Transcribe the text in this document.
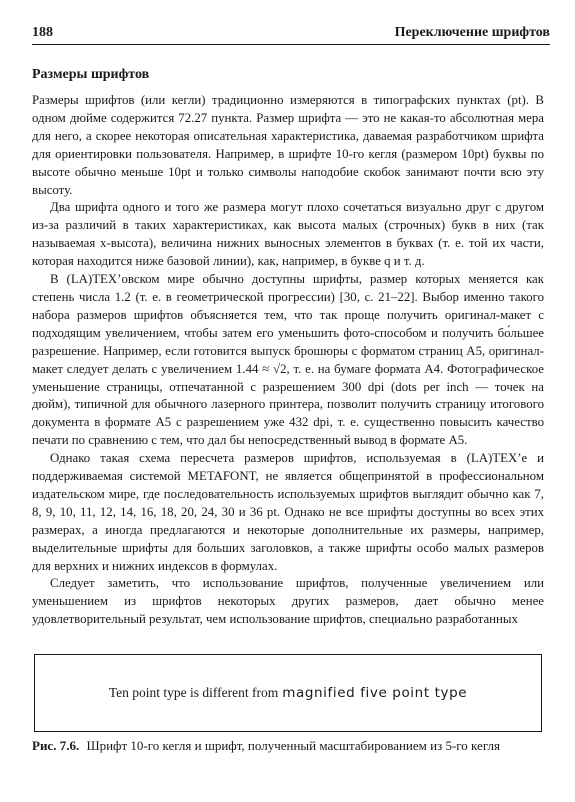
188	Переключение шрифтов
Размеры шрифтов

Размеры шрифтов (или кегли) традиционно измеряются в типографских пунктах (pt). В одном дюйме содержится 72.27 пункта. Размер шрифта — это не какая-то абсолютная мера для него, а скорее некоторая описательная характеристика, даваемая разработчиком шрифта для ориентировки пользователя. Например, в шрифте 10-го кегля (размером 10pt) буквы по высоте обычно меньше 10pt и только символы наподобие скобок занимают почти всю эту высоту.

Два шрифта одного и того же размера могут плохо сочетаться визуально друг с другом из-за различий в таких характеристиках, как высота малых (строчных) букв в них (так называемая x-высота), величина нижних выносных элементов в буквах (т. е. той их части, которая находится ниже базовой линии), как, например, в букве q и т. д.

В (LA)TEX’овском мире обычно доступны шрифты, размер которых меняется как степень числа 1.2 (т. е. в геометрической прогрессии) [30, с. 21–22]. Выбор именно такого набора размеров шрифтов объясняется тем, что так проще получить оригинал-макет с подходящим увеличением, чтобы затем его уменьшить фото-способом и получить бо́льшее разрешение. Например, если готовится выпуск брошюры с форматом страниц A5, оригинал-макет следует делать с увеличением 1.44 ≈ √2, т. е. на бумаге формата A4. Фотографическое уменьшение страницы, отпечатанной с разрешением 300 dpi (dots per inch — точек на дюйм), типичной для обычного лазерного принтера, позволит получить страницу итогового документа в формате A5 с разрешением уже 432 dpi, т. е. существенно повысить качество печати по сравнению с тем, что дал бы непосредственный вывод в формате A5.

Однако такая схема пересчета размеров шрифтов, используемая в (LA)TEX’е и поддерживаемая системой METAFONT, не является общепринятой в профессиональном издательском мире, где последовательность используемых шрифтов выглядит обычно как 7, 8, 9, 10, 11, 12, 14, 16, 18, 20, 24, 30 и 36 pt. Однако не все шрифты доступны во всех этих размерах, а иногда предлагаются и некоторые дополнительные их размеры, например, выделительные шрифты для больших заголовков, а также шрифты особо малых размеров для верхних и нижних индексов в формулах.

Следует заметить, что использование шрифтов, полученные увеличением или уменьшением из шрифтов некоторых других размеров, дает обычно менее удовлетворительный результат, чем использование шрифтов, специально разработанных

Ten point type is different from magnified five point type
Рис. 7.6. Шрифт 10-го кегля и шрифт, полученный масштабированием из 5-го кегля
